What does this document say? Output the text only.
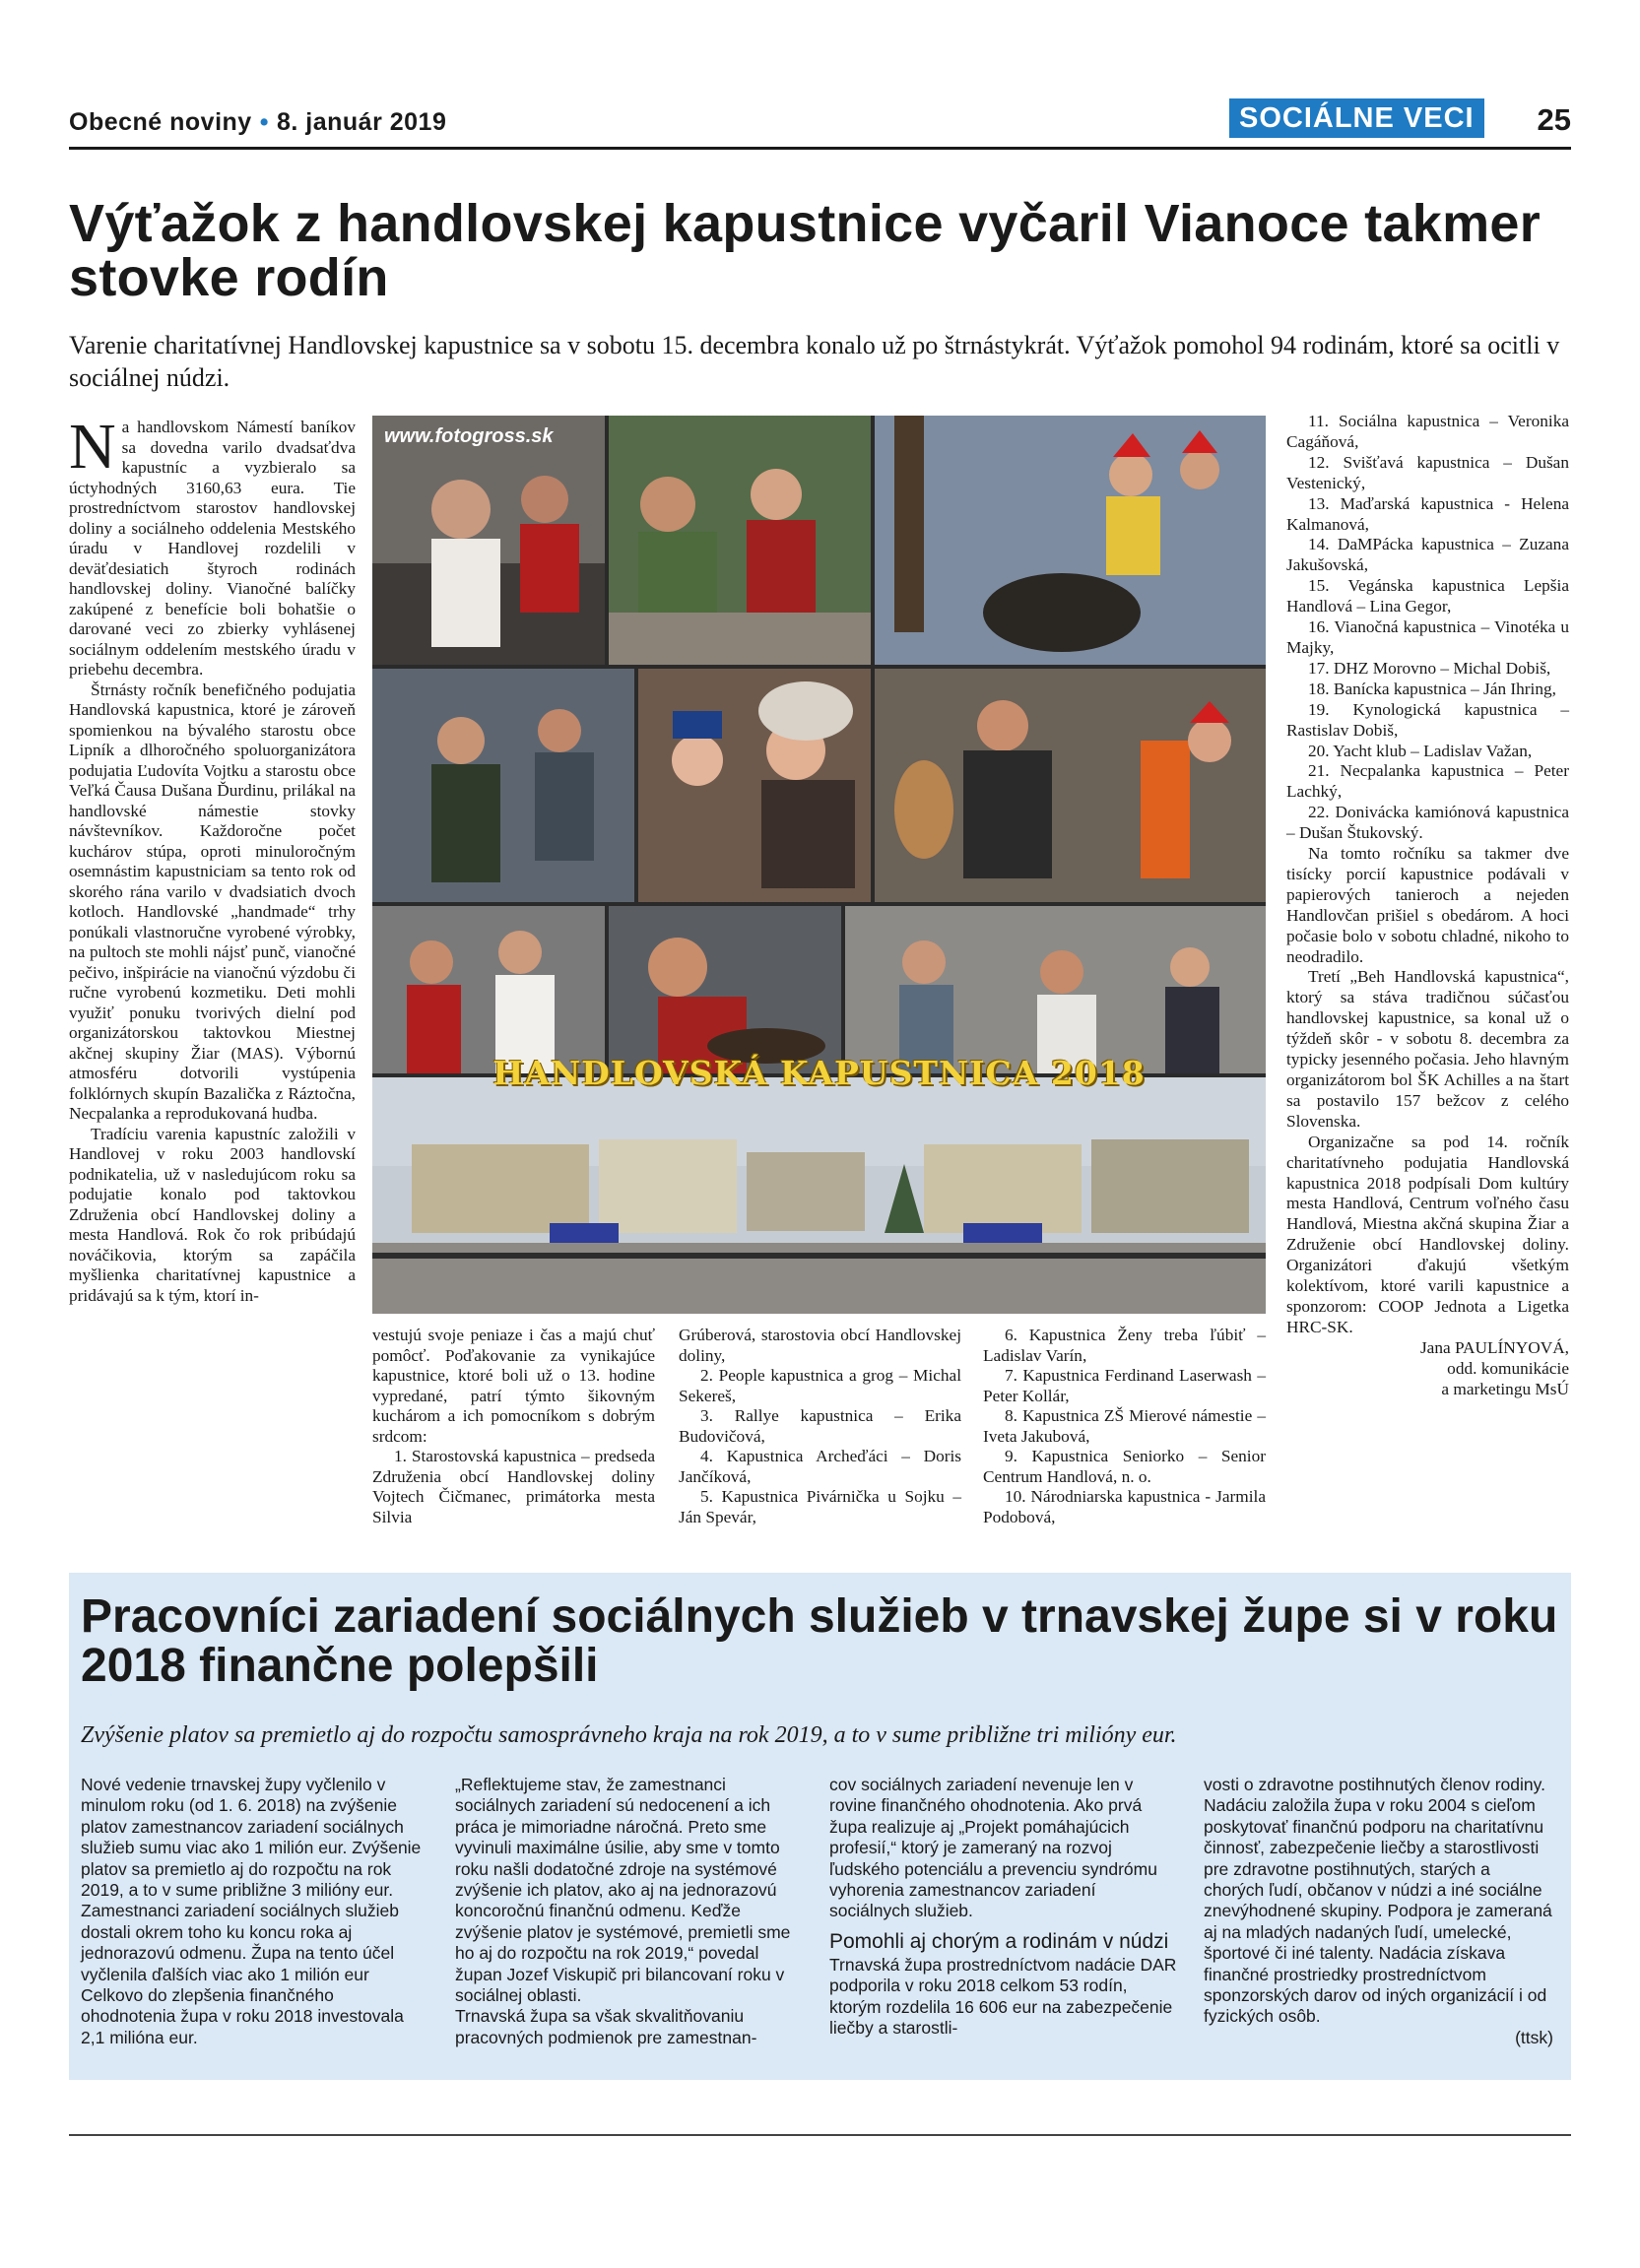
Obecné noviny • 8. január 2019	SOCIÁLNE VECI	25
Výťažok z handlovskej kapustnice vyčaril Vianoce takmer stovke rodín
Varenie charitatívnej Handlovskej kapustnice sa v sobotu 15. decembra konalo už po štrnástykrát. Výťažok pomohol 94 rodinám, ktoré sa ocitli v sociálnej núdzi.

Na handlovskom Námestí baníkov sa dovedna varilo dvadsaťdva kapustníc a vyzbieralo sa úctyhodných 3160,63 eura. Tie prostredníctvom starostov handlovskej doliny a sociálneho oddelenia Mestského úradu v Handlovej rozdelili v deväťdesiatich štyroch rodinách handlovskej doliny. Vianočné balíčky zakúpené z benefície boli bohatšie o darované veci zo zbierky vyhlásenej sociálnym oddelením mestského úradu v priebehu decembra.

Štrnásty ročník benefičného podujatia Handlovská kapustnica, ktoré je zároveň spomienkou na bývalého starostu obce Lipník a dlhoročného spoluorganizátora podujatia Ľudovíta Vojtku a starostu obce Veľká Čausa Dušana Ďurdinu, prilákal na handlovské námestie stovky návštevníkov. Každoročne počet kuchárov stúpa, oproti minuloročným osemnástim kapustniciam sa tento rok od skorého rána varilo v dvadsiatich dvoch kotloch. Handlovské „handmade“ trhy ponúkali vlastnoručne vyrobené výrobky, na pultoch ste mohli nájsť punč, vianočné pečivo, inšpirácie na vianočnú výzdobu či ručne vyrobenú kozmetiku. Deti mohli využiť ponuku tvorivých dielní pod organizátorskou taktovkou Miestnej akčnej skupiny Žiar (MAS). Výbornú atmosféru dotvorili vystúpenia folklórnych skupín Bazalička z Ráztočna, Necpalanka a reprodukovaná hudba.

Tradíciu varenia kapustníc založili v Handlovej v roku 2003 handlovskí podnikatelia, už v nasledujúcom roku sa podujatie konalo pod taktovkou Združenia obcí Handlovskej doliny a mesta Handlová. Rok čo rok pribúdajú nováčikovia, ktorým sa zapáčila myšlienka charitatívnej kapustnice a pridávajú sa k tým, ktorí in-

www.fotogross.sk
HANDLOVSKÁ KAPUSTNICA 2018

vestujú svoje peniaze i čas a majú chuť pomôcť. Poďakovanie za vynikajúce kapustnice, ktoré boli už o 13. hodine vypredané, patrí týmto šikovným kuchárom a ich pomocníkom s dobrým srdcom:

1. Starostovská kapustnica – predseda Združenia obcí Handlovskej doliny Vojtech Čičmanec, primátorka mesta Silvia

Grúberová, starostovia obcí Handlovskej doliny,

2. People kapustnica a grog – Michal Sekereš,

3. Rallye kapustnica – Erika Budovičová,

4. Kapustnica Archeďáci – Doris Jančíková,

5. Kapustnica Pivárnička u Sojku – Ján Spevár,

6. Kapustnica Ženy treba ľúbiť – Ladislav Varín,

7. Kapustnica Ferdinand Laserwash – Peter Kollár,

8. Kapustnica ZŠ Mierové námestie – Iveta Jakubová,

9. Kapustnica Seniorko – Senior Centrum Handlová, n. o.

10. Národniarska kapustnica - Jarmila Podobová,

11. Sociálna kapustnica – Veronika Cagáňová,

12. Svišťavá kapustnica – Dušan Vestenický,

13. Maďarská kapustnica - Helena Kalmanová,

14. DaMPácka kapustnica – Zuzana Jakušovská,

15. Vegánska kapustnica Lepšia Handlová – Lina Gegor,

16. Vianočná kapustnica – Vinotéka u Majky,

17. DHZ Morovno – Michal Dobiš,

18. Banícka kapustnica – Ján Ihring,

19. Kynologická kapustnica – Rastislav Dobiš,

20. Yacht klub – Ladislav Važan,

21. Necpalanka kapustnica – Peter Lachký,

22. Donivácka kamiónová kapustnica – Dušan Štukovský.

Na tomto ročníku sa takmer dve tisícky porcií kapustnice podávali v papierových tanieroch a nejeden Handlovčan prišiel s obedárom. A hoci počasie bolo v sobotu chladné, nikoho to neodradilo.

Tretí „Beh Handlovská kapustnica“, ktorý sa stáva tradičnou súčasťou handlovskej kapustnice, sa konal už o týždeň skôr - v sobotu 8. decembra za typicky jesenného počasia. Jeho hlavným organizátorom bol ŠK Achilles a na štart sa postavilo 157 bežcov z celého Slovenska.

Organizačne sa pod 14. ročník charitatívneho podujatia Handlovská kapustnica 2018 podpísali Dom kultúry mesta Handlová, Centrum voľného času Handlová, Miestna akčná skupina Žiar a Združenie obcí Handlovskej doliny. Organizátori ďakujú všetkým kolektívom, ktoré varili kapustnice a sponzorom: COOP Jednota a Ligetka HRC-SK.

Jana PAULÍNYOVÁ,
odd. komunikácie
a marketingu MsÚ
Pracovníci zariadení sociálnych služieb v trnavskej župe si v roku 2018 finančne polepšili
Zvýšenie platov sa premietlo aj do rozpočtu samosprávneho kraja na rok 2019, a to v sume približne tri milióny eur.
Nové vedenie trnavskej župy vyčlenilo v minulom roku (od 1. 6. 2018) na zvýšenie platov zamestnancov zariadení sociálnych služieb sumu viac ako 1 milión eur. Zvýšenie platov sa premietlo aj do rozpočtu na rok 2019, a to v sume približne 3 milióny eur. Zamestnanci zariadení sociálnych služieb dostali okrem toho ku koncu roka aj jednorazovú odmenu. Župa na tento účel vyčlenila ďalších viac ako 1 milión eur Celkovo do zlepšenia finančného ohodnotenia župa v roku 2018 investovala 2,1 milióna eur.
„Reflektujeme stav, že zamestnanci sociálnych zariadení sú nedocenení a ich práca je mimoriadne náročná. Preto sme vyvinuli maximálne úsilie, aby sme v tomto roku našli dodatočné zdroje na systémové zvýšenie ich platov, ako aj na jednorazovú koncoročnú finančnú odmenu. Keďže zvýšenie platov je systémové, premietli sme ho aj do rozpočtu na rok 2019,“ povedal župan Jozef Viskupič pri bilancovaní roku v sociálnej oblasti.
Trnavská župa sa však skvalitňovaniu pracovných podmienok pre zamestnan-
cov sociálnych zariadení nevenuje len v rovine finančného ohodnotenia. Ako prvá župa realizuje aj „Projekt pomáhajúcich profesií,“ ktorý je zameraný na rozvoj ľudského potenciálu a prevenciu syndrómu vyhorenia zamestnancov zariadení sociálnych služieb.
Pomohli aj chorým a rodinám v núdzi
Trnavská župa prostredníctvom nadácie DAR podporila v roku 2018 celkom 53 rodín, ktorým rozdelila 16 606 eur na zabezpečenie liečby a starostli-
vosti o zdravotne postihnutých členov rodiny. Nadáciu založila župa v roku 2004 s cieľom poskytovať finančnú podporu na charitatívnu činnosť, zabezpečenie liečby a starostlivosti pre zdravotne postihnutých, starých a chorých ľudí, občanov v núdzi a iné sociálne znevýhodnené skupiny. Podpora je zameraná aj na mladých nadaných ľudí, umelecké, športové či iné talenty. Nadácia získava finančné prostriedky prostredníctvom sponzorských darov od iných organizácií i od fyzických osôb.
(ttsk)
